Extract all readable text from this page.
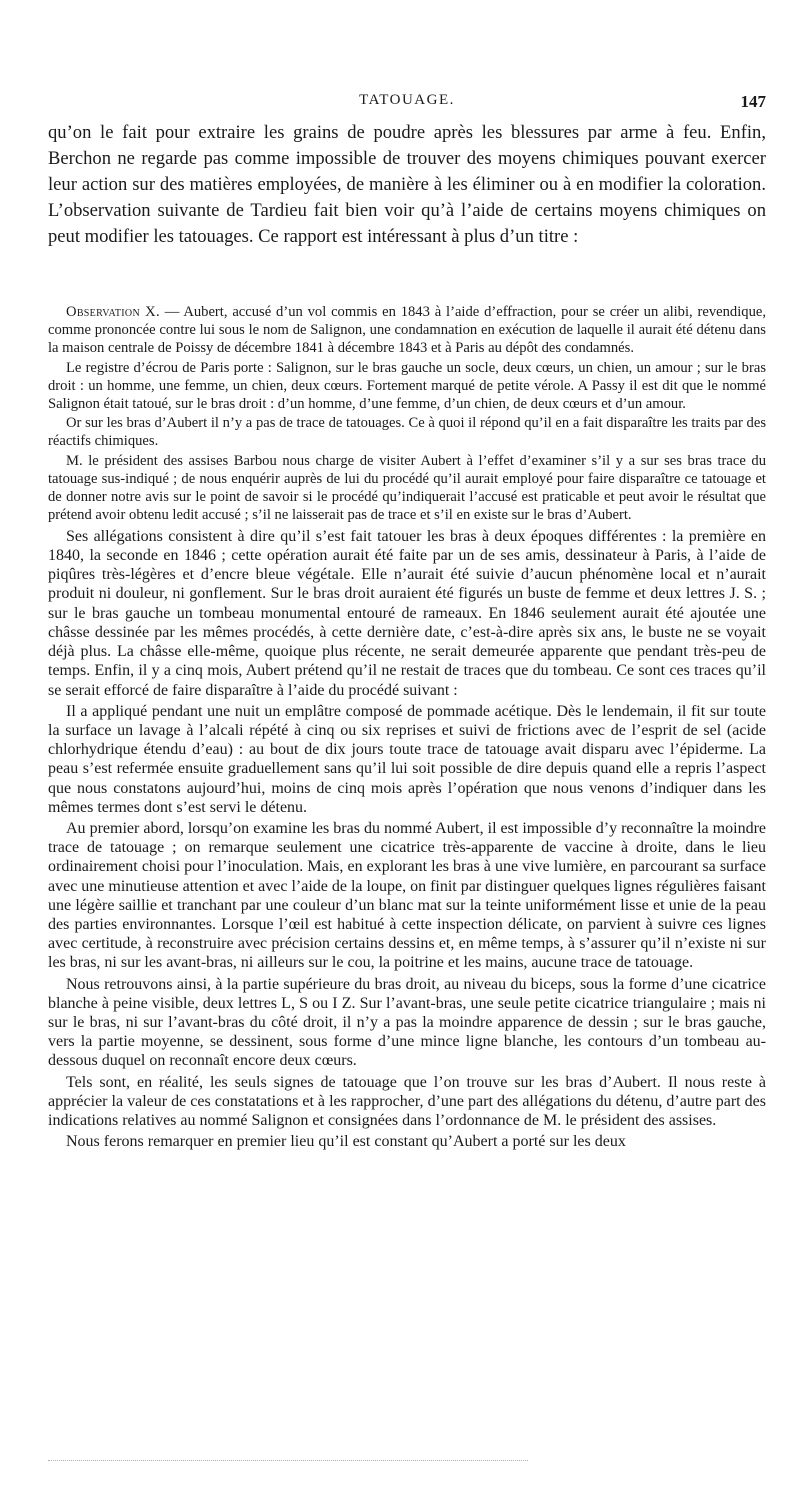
TATOUAGE.	147

qu’on le fait pour extraire les grains de poudre après les blessures par arme à feu. Enfin, Berchon ne regarde pas comme impossible de trouver des moyens chimiques pouvant exercer leur action sur des matières employées, de manière à les éliminer ou à en modifier la coloration. L’observation suivante de Tardieu fait bien voir qu’à l’aide de certains moyens chimiques on peut modifier les tatouages. Ce rapport est intéressant à plus d’un titre :

Observation X. — Aubert, accusé d’un vol commis en 1843 à l’aide d’effraction, pour se créer un alibi, revendique, comme prononcée contre lui sous le nom de Salignon, une condamnation en exécution de laquelle il aurait été détenu dans la maison centrale de Poissy de décembre 1841 à décembre 1843 et à Paris au dépôt des condamnés.

Le registre d’écrou de Paris porte : Salignon, sur le bras gauche un socle, deux cœurs, un chien, un amour ; sur le bras droit : un homme, une femme, un chien, deux cœurs. Fortement marqué de petite vérole. A Passy il est dit que le nommé Salignon était tatoué, sur le bras droit : d’un homme, d’une femme, d’un chien, de deux cœurs et d’un amour.

Or sur les bras d’Aubert il n’y a pas de trace de tatouages. Ce à quoi il répond qu’il en a fait disparaître les traits par des réactifs chimiques.

M. le président des assises Barbou nous charge de visiter Aubert à l’effet d’examiner s’il y a sur ses bras trace du tatouage sus-indiqué ; de nous enquérir auprès de lui du procédé qu’il aurait employé pour faire disparaître ce tatouage et de donner notre avis sur le point de savoir si le procédé qu’indiquerait l’accusé est praticable et peut avoir le résultat que prétend avoir obtenu ledit accusé ; s’il ne laisserait pas de trace et s’il en existe sur le bras d’Aubert.

Ses allégations consistent à dire qu’il s’est fait tatouer les bras à deux époques différentes : la première en 1840, la seconde en 1846 ; cette opération aurait été faite par un de ses amis, dessinateur à Paris, à l’aide de piqûres très-légères et d’encre bleue végétale. Elle n’aurait été suivie d’aucun phénomène local et n’aurait produit ni douleur, ni gonflement. Sur le bras droit auraient été figurés un buste de femme et deux lettres J. S. ; sur le bras gauche un tombeau monumental entouré de rameaux. En 1846 seulement aurait été ajoutée une châsse dessinée par les mêmes procédés, à cette dernière date, c’est-à-dire après six ans, le buste ne se voyait déjà plus. La châsse elle-même, quoique plus récente, ne serait demeurée apparente que pendant très-peu de temps. Enfin, il y a cinq mois, Aubert prétend qu’il ne restait de traces que du tombeau. Ce sont ces traces qu’il se serait efforcé de faire disparaître à l’aide du procédé suivant :

Il a appliqué pendant une nuit un emplâtre composé de pommade acétique. Dès le lendemain, il fit sur toute la surface un lavage à l’alcali répété à cinq ou six reprises et suivi de frictions avec de l’esprit de sel (acide chlorhydrique étendu d’eau) : au bout de dix jours toute trace de tatouage avait disparu avec l’épiderme. La peau s’est refermée ensuite graduellement sans qu’il lui soit possible de dire depuis quand elle a repris l’aspect que nous constatons aujourd’hui, moins de cinq mois après l’opération que nous venons d’indiquer dans les mêmes termes dont s’est servi le détenu.

Au premier abord, lorsqu’on examine les bras du nommé Aubert, il est impossible d’y reconnaître la moindre trace de tatouage ; on remarque seulement une cicatrice très-apparente de vaccine à droite, dans le lieu ordinairement choisi pour l’inoculation. Mais, en explorant les bras à une vive lumière, en parcourant sa surface avec une minutieuse attention et avec l’aide de la loupe, on finit par distinguer quelques lignes régulières faisant une légère saillie et tranchant par une couleur d’un blanc mat sur la teinte uniformément lisse et unie de la peau des parties environnantes. Lorsque l’œil est habitué à cette inspection délicate, on parvient à suivre ces lignes avec certitude, à reconstruire avec précision certains dessins et, en même temps, à s’assurer qu’il n’existe ni sur les bras, ni sur les avant-bras, ni ailleurs sur le cou, la poitrine et les mains, aucune trace de tatouage.

Nous retrouvons ainsi, à la partie supérieure du bras droit, au niveau du biceps, sous la forme d’une cicatrice blanche à peine visible, deux lettres L, S ou I Z. Sur l’avant-bras, une seule petite cicatrice triangulaire ; mais ni sur le bras, ni sur l’avant-bras du côté droit, il n’y a pas la moindre apparence de dessin ; sur le bras gauche, vers la partie moyenne, se dessinent, sous forme d’une mince ligne blanche, les contours d’un tombeau au-dessous duquel on reconnaît encore deux cœurs.

Tels sont, en réalité, les seuls signes de tatouage que l’on trouve sur les bras d’Aubert. Il nous reste à apprécier la valeur de ces constatations et à les rapprocher, d’une part des allégations du détenu, d’autre part des indications relatives au nommé Salignon et consignées dans l’ordonnance de M. le président des assises.

Nous ferons remarquer en premier lieu qu’il est constant qu’Aubert a porté sur les deux
